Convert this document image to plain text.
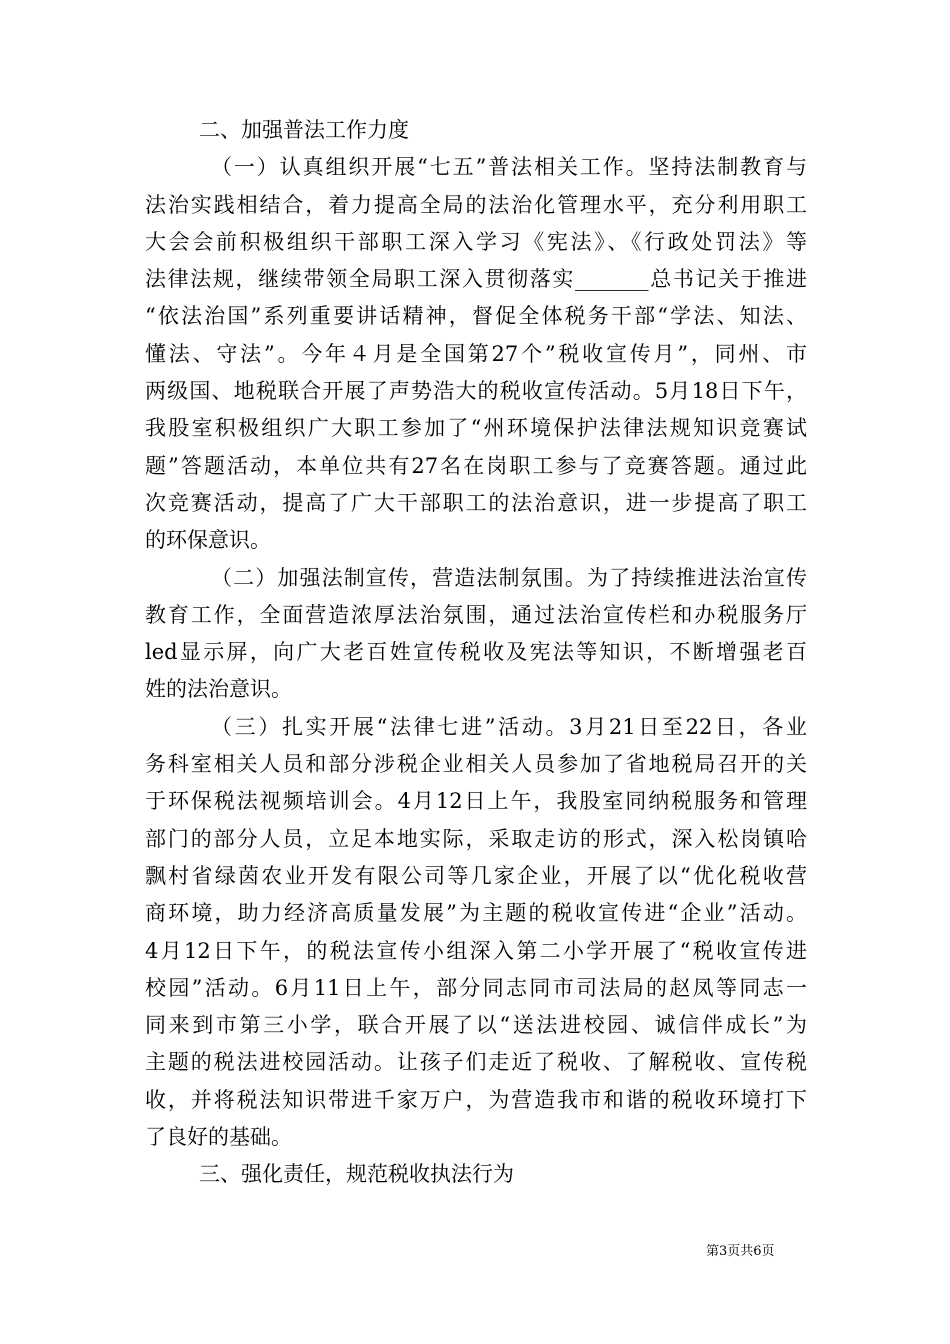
二、加强普法工作力度
（一）认真组织开展“七五”普法相关工作。坚持法制教育与
法治实践相结合，着力提高全局的法治化管理水平，充分利用职工
大会会前积极组织干部职工深入学习《宪法》、《行政处罚法》等
法律法规，继续带领全局职工深入贯彻落实_______总书记关于推进
“依法治国”系列重要讲话精神，督促全体税务干部“学法、知法、
懂法、守法”。今年４月是全国第27个”税收宣传月”，同州、市
两级国、地税联合开展了声势浩大的税收宣传活动。5月18日下午，
我股室积极组织广大职工参加了“州环境保护法律法规知识竞赛试
题”答题活动，本单位共有27名在岗职工参与了竞赛答题。通过此
次竞赛活动，提高了广大干部职工的法治意识，进一步提高了职工
的环保意识。
（二）加强法制宣传，营造法制氛围。为了持续推进法治宣传
教育工作，全面营造浓厚法治氛围，通过法治宣传栏和办税服务厅
led显示屏，向广大老百姓宣传税收及宪法等知识，不断增强老百
姓的法治意识。
（三）扎实开展“法律七进”活动。3月21日至22日，各业
务科室相关人员和部分涉税企业相关人员参加了省地税局召开的关
于环保税法视频培训会。4月12日上午，我股室同纳税服务和管理
部门的部分人员，立足本地实际，采取走访的形式，深入松岗镇哈
飘村省绿茵农业开发有限公司等几家企业，开展了以“优化税收营
商环境，助力经济高质量发展”为主题的税收宣传进“企业”活动。
4月12日下午，的税法宣传小组深入第二小学开展了“税收宣传进
校园”活动。6月11日上午，部分同志同市司法局的赵凤等同志一
同来到市第三小学，联合开展了以“送法进校园、诚信伴成长”为
主题的税法进校园活动。让孩子们走近了税收、了解税收、宣传税
收，并将税法知识带进千家万户，为营造我市和谐的税收环境打下
了良好的基础。
三、强化责任，规范税收执法行为
第3页共6页
